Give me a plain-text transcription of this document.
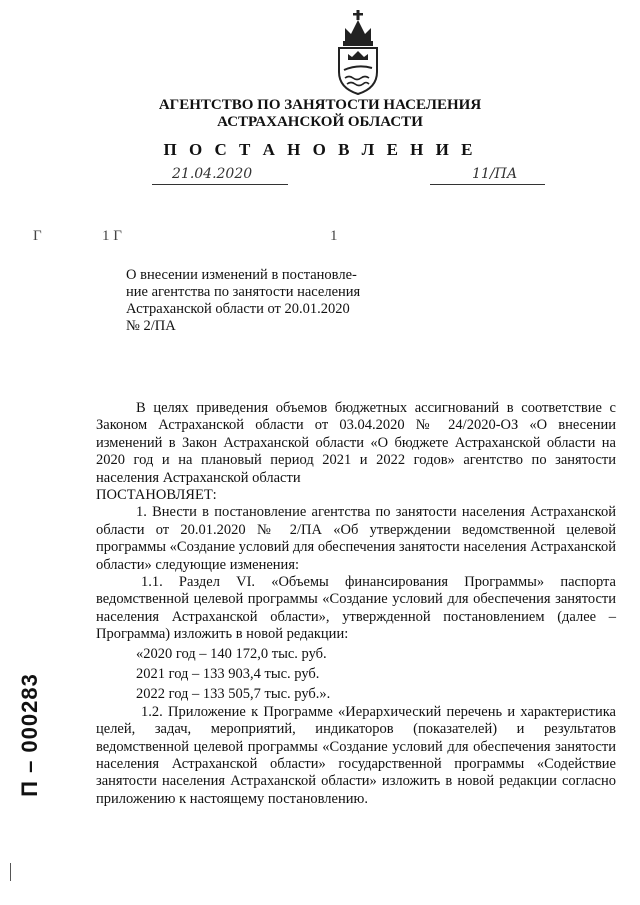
АГЕНТСТВО ПО ЗАНЯТОСТИ НАСЕЛЕНИЯ
АСТРАХАНСКОЙ ОБЛАСТИ
П О С Т А Н О В Л Е Н И Е
21.04.2020	11/ПА
Г	1 Г	1
О внесении изменений в постановле-
ние агентства по занятости населения
Астраханской области от 20.01.2020
№ 2/ПА

В целях приведения объемов бюджетных ассигнований в соответствие с Законом Астраханской области от 03.04.2020 № 24/2020-ОЗ «О внесении изменений в Закон Астраханской области «О бюджете Астраханской области на 2020 год и на плановый период 2021 и 2022 годов» агентство по занятости населения Астраханской области

ПОСТАНОВЛЯЕТ:

1. Внести в постановление агентства по занятости населения Астраханской области от 20.01.2020 № 2/ПА «Об утверждении ведомственной целевой программы «Создание условий для обеспечения занятости населения Астраханской области» следующие изменения:

1.1. Раздел VI. «Объемы финансирования Программы» паспорта ведомственной целевой программы «Создание условий для обеспечения занятости населения Астраханской области», утвержденной постановлением (далее – Программа) изложить в новой редакции:

«2020 год – 140 172,0 тыс. руб.

2021 год – 133 903,4 тыс. руб.

2022 год – 133 505,7 тыс. руб.».

1.2. Приложение к Программе «Иерархический перечень и характеристика целей, задач, мероприятий, индикаторов (показателей) и результатов ведомственной целевой программы «Создание условий для обеспечения занятости населения Астраханской области» государственной программы «Содействие занятости населения Астраханской области» изложить в новой редакции согласно приложению к настоящему постановлению.

П – 000283
